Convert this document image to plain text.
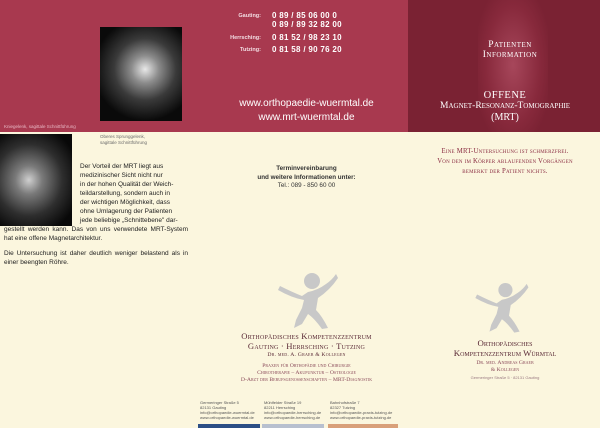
Kniegelenk, sagittale Schnittführung
Gauting: 0 89 / 85 06 00 0
0 89 / 89 32 82 00
Herrsching: 0 81 52 / 98 23 10
Tutzing: 0 81 58 / 90 76 20
www.orthopaedie-wuermtal.de
www.mrt-wuermtal.de
Patienten
Information
OFFENE
Magnet-Resonanz-Tomographie
(MRT)
Oberes Sprunggelenk,
sagittale Schnittführung

Der Vorteil der MRT liegt aus
medizinischer Sicht nicht nur
in der hohen Qualität der Weich-
teildarstellung, sondern auch in
der wichtigen Möglichkeit, dass
ohne Umlagerung der Patienten
jede beliebige „Schnittebene" dar-
gestellt werden kann. Das von uns verwendete MRT-System hat eine offene Magnetarchitektur.

Die Untersuchung ist daher deutlich weniger belastend als in einer beengten Röhre.

Terminvereinbarung
und weitere Informationen unter:
Tel.: 089 - 850 60 00
Eine MRT-Untersuchung ist schmerzfrei.
Von den im Körper ablaufenden Vorgängen
bemerkt der Patient nichts.
Orthopädisches Kompetenzzentrum
Gauting · Herrsching · Tutzing
Dr. med. A. Graeb & Kollegen
Praxen für Orthopädie und Chirurgie
Chirotherapie – Akupunktur – Osteologie
D-Arzt der Berufsgenossenschaften – MRT-Diagnostik
Orthopädisches
Kompetenzzentrum Würmtal
Dr. med. Andreas Graeb
& Kollegen
Germeringer Straße 5 · 82131 Gauting
Germeringer Straße 5
82131 Gauting
info@orthopaedie-wuermtal.de
www.orthopaedie-wuermtal.de
Mühlfelder Straße 19
82211 Herrsching
info@orthopaedie-herrsching.de
www.orthopaedie-herrsching.de
Bahnhofstraße 7
82327 Tutzing
info@orthopaedie-praxis-tutzing.de
www.orthopaedie-praxis-tutzing.de
